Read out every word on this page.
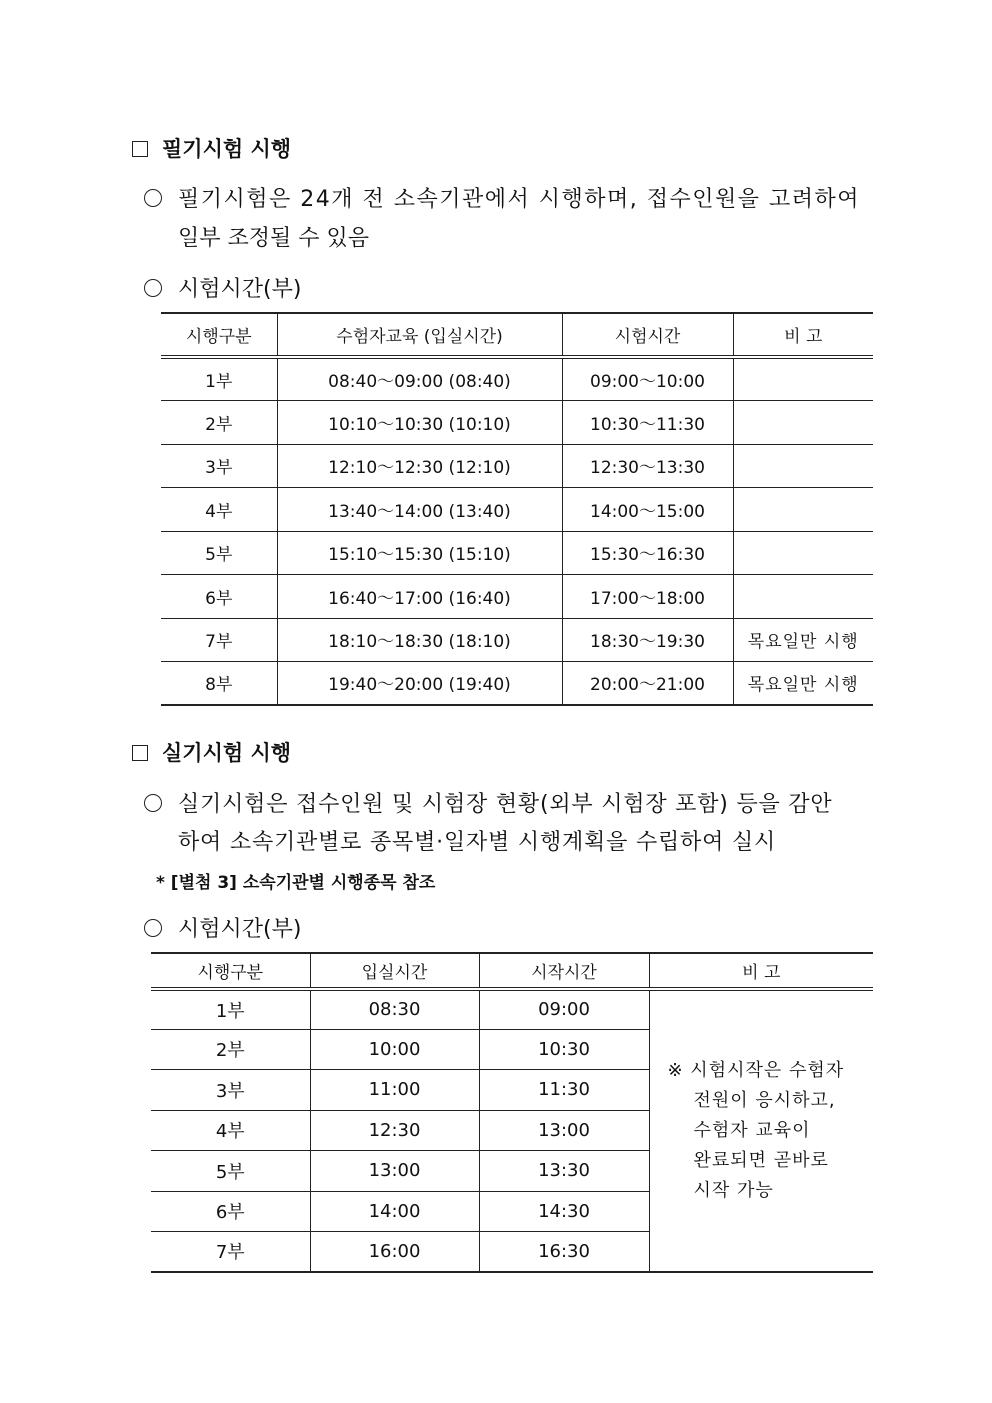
필기시험 시행
필기시험은 24개 전 소속기관에서 시행하며, 접수인원을 고려하여
일부 조정될 수 있음
시험시간(부)
시행구분	수험자교육 (입실시간)	시험시간	비 고
1부	08:40～09:00 (08:40)	09:00～10:00	
2부	10:10～10:30 (10:10)	10:30～11:30	
3부	12:10～12:30 (12:10)	12:30～13:30	
4부	13:40～14:00 (13:40)	14:00～15:00	
5부	15:10～15:30 (15:10)	15:30～16:30	
6부	16:40～17:00 (16:40)	17:00～18:00	
7부	18:10～18:30 (18:10)	18:30～19:30	목요일만 시행
8부	19:40～20:00 (19:40)	20:00～21:00	목요일만 시행
실기시험 시행
실기시험은 접수인원 및 시험장 현황(외부 시험장 포함) 등을 감안
하여 소속기관별로 종목별·일자별 시행계획을 수립하여 실시
* [별첨 3] 소속기관별 시행종목 참조
시험시간(부)
시행구분	입실시간	시작시간	비 고
1부	08:30	09:00	※ 시험시작은 수험자
전원이 응시하고,
수험자 교육이
완료되면 곧바로
시작 가능

2부	10:00	10:30	
3부	11:00	11:30	
4부	12:30	13:00	
5부	13:00	13:30	
6부	14:00	14:30	
7부	16:00	16:30	
